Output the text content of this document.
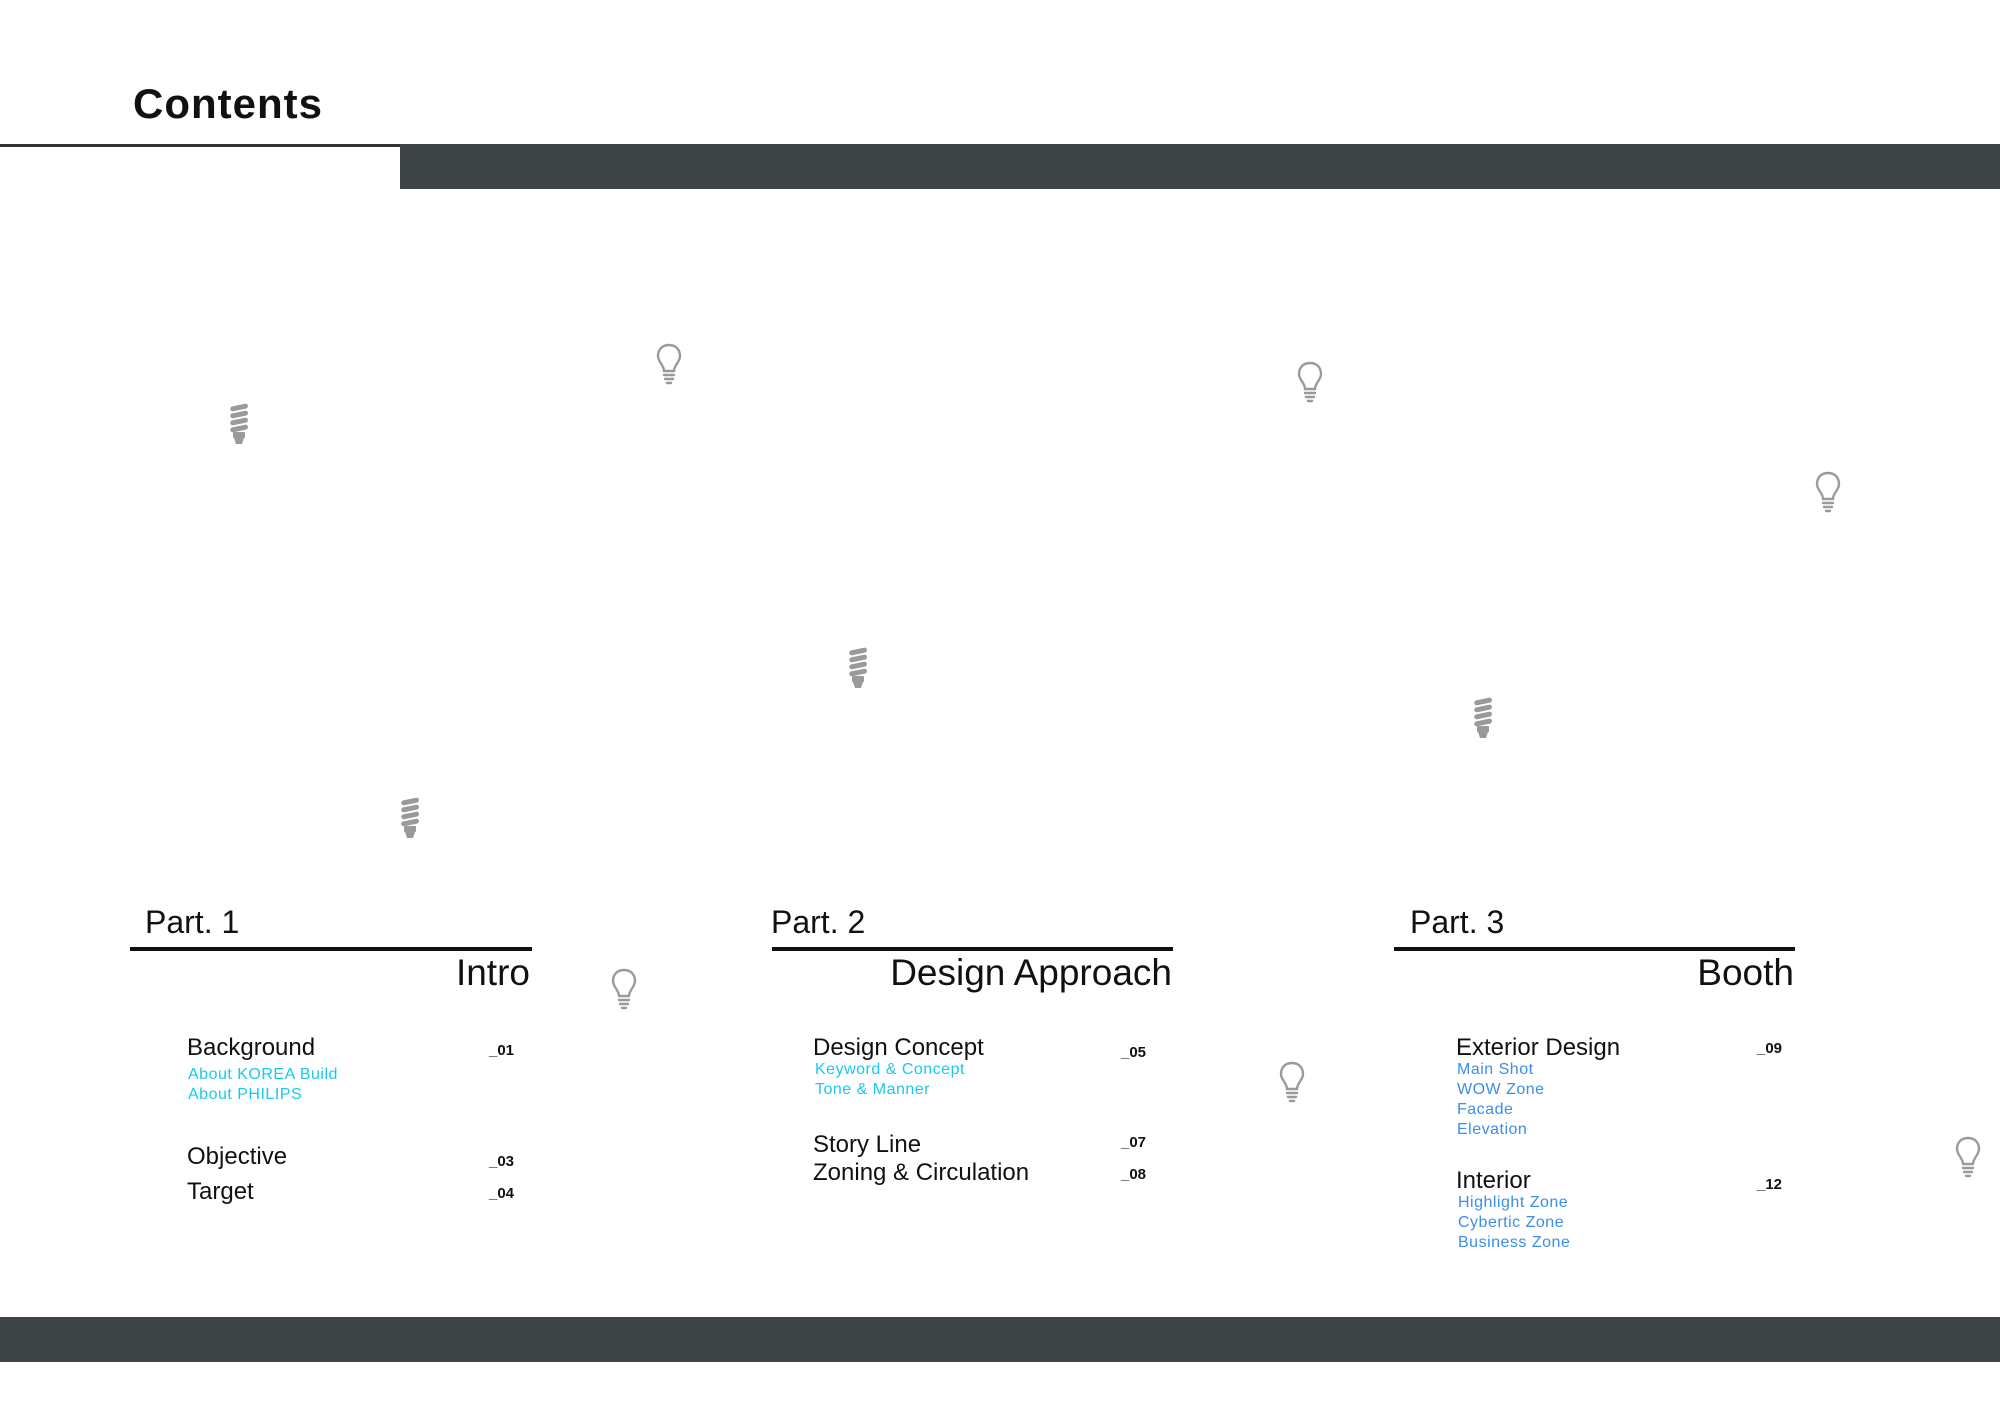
Contents
Part. 1
Intro
Background	_01
About KOREA Build
About PHILIPS
Objective	_03
Target	_04
Part. 2
Design Approach
Design Concept	_05
Keyword & Concept
Tone & Manner
Story Line	_07
Zoning & Circulation	_08
Part. 3
Booth
Exterior Design	_09
Main Shot
WOW Zone
Facade
Elevation
Interior	_12
Highlight Zone
Cybertic Zone
Business Zone
